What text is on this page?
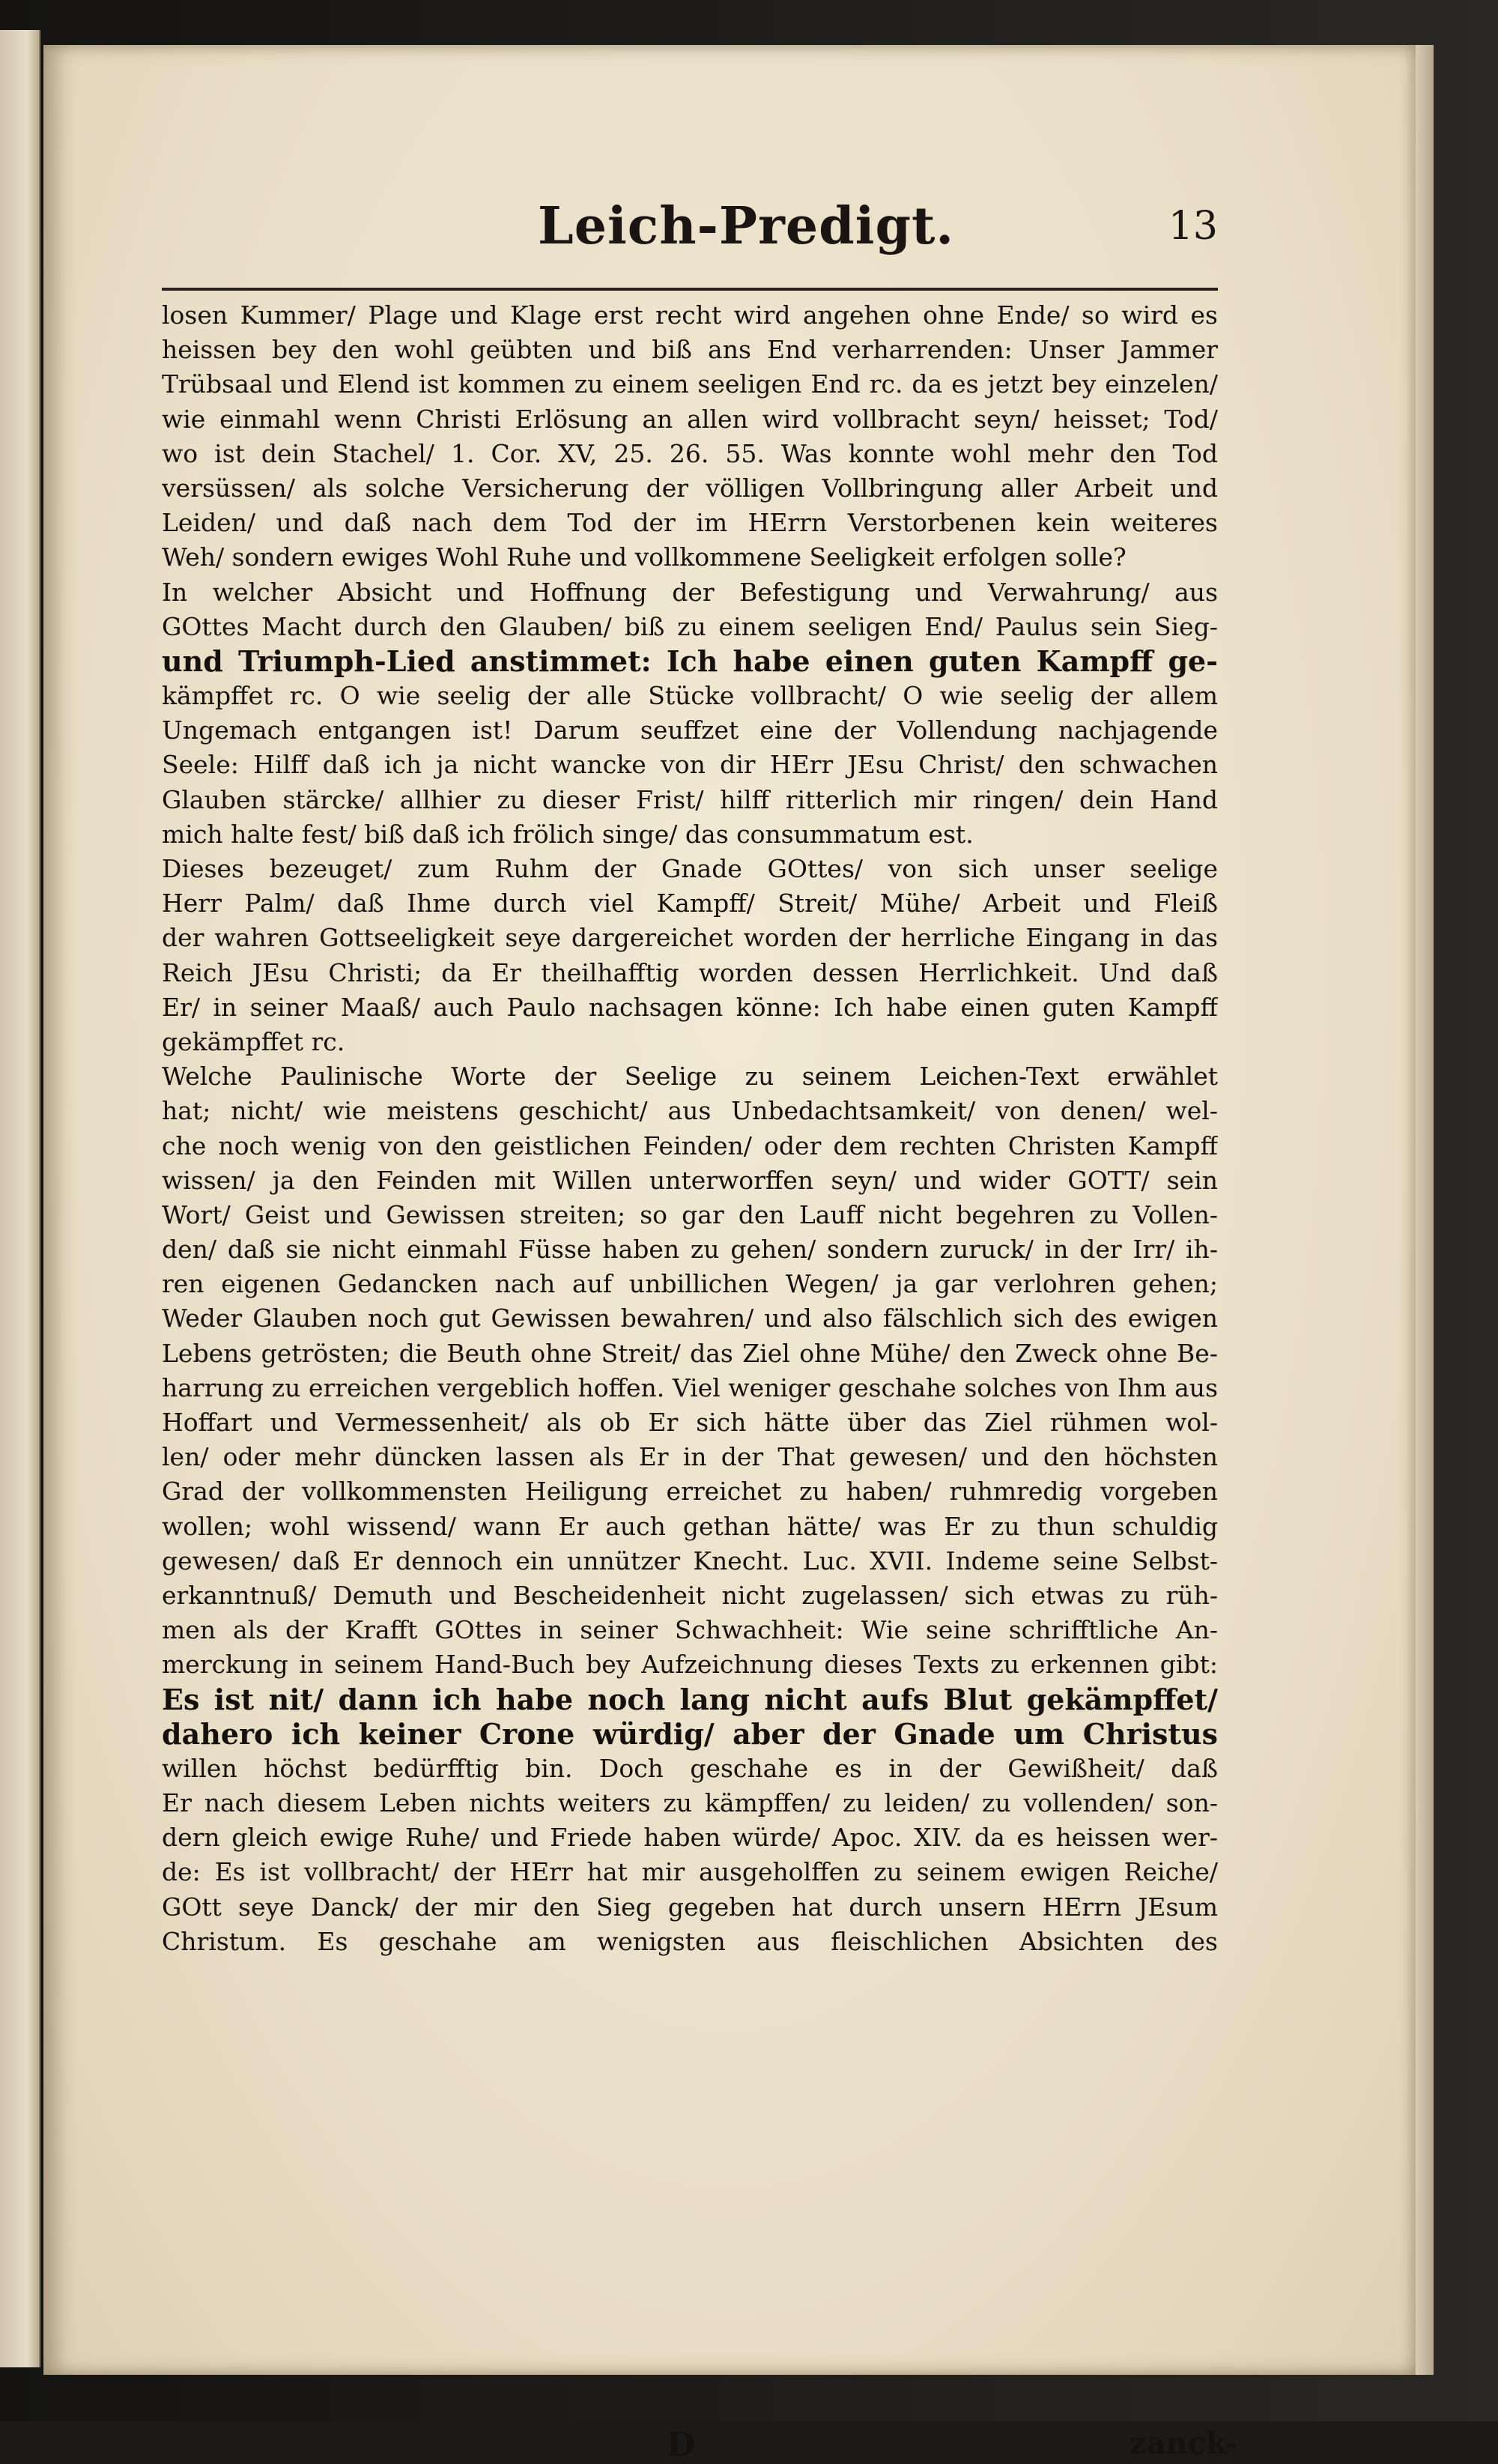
Leich-Predigt.	13
losen Kummer/ Plage und Klage erst recht wird angehen ohne Ende/ so wird es
heissen bey den wohl geübten und biß ans End verharrenden: Unser Jammer
Trübsaal und Elend ist kommen zu einem seeligen End rc. da es jetzt bey einzelen/
wie einmahl wenn Christi Erlösung an allen wird vollbracht seyn/ heisset; Tod/
wo ist dein Stachel/ 1. Cor. XV, 25. 26. 55. Was konnte wohl mehr den Tod
versüssen/ als solche Versicherung der völligen Vollbringung aller Arbeit und
Leiden/ und daß nach dem Tod der im HErrn Verstorbenen kein weiteres
Weh/ sondern ewiges Wohl Ruhe und vollkommene Seeligkeit erfolgen solle?
In welcher Absicht und Hoffnung der Befestigung und Verwahrung/ aus
GOttes Macht durch den Glauben/ biß zu einem seeligen End/ Paulus sein Sieg-
und Triumph-Lied anstimmet: Ich habe einen guten Kampff ge-
kämpffet rc. O wie seelig der alle Stücke vollbracht/ O wie seelig der allem
Ungemach entgangen ist! Darum seuffzet eine der Vollendung nachjagende
Seele: Hilff daß ich ja nicht wancke von dir HErr JEsu Christ/ den schwachen
Glauben stärcke/ allhier zu dieser Frist/ hilff ritterlich mir ringen/ dein Hand
mich halte fest/ biß daß ich frölich singe/ das consummatum est.
Dieses bezeuget/ zum Ruhm der Gnade GOttes/ von sich unser seelige
Herr Palm/ daß Ihme durch viel Kampff/ Streit/ Mühe/ Arbeit und Fleiß
der wahren Gottseeligkeit seye dargereichet worden der herrliche Eingang in das
Reich JEsu Christi; da Er theilhafftig worden dessen Herrlichkeit. Und daß
Er/ in seiner Maaß/ auch Paulo nachsagen könne: Ich habe einen guten Kampff
gekämpffet rc.
Welche Paulinische Worte der Seelige zu seinem Leichen-Text erwählet
hat; nicht/ wie meistens geschicht/ aus Unbedachtsamkeit/ von denen/ wel-
che noch wenig von den geistlichen Feinden/ oder dem rechten Christen Kampff
wissen/ ja den Feinden mit Willen unterworffen seyn/ und wider GOTT/ sein
Wort/ Geist und Gewissen streiten; so gar den Lauff nicht begehren zu Vollen-
den/ daß sie nicht einmahl Füsse haben zu gehen/ sondern zuruck/ in der Irr/ ih-
ren eigenen Gedancken nach auf unbillichen Wegen/ ja gar verlohren gehen;
Weder Glauben noch gut Gewissen bewahren/ und also fälschlich sich des ewigen
Lebens getrösten; die Beuth ohne Streit/ das Ziel ohne Mühe/ den Zweck ohne Be-
harrung zu erreichen vergeblich hoffen. Viel weniger geschahe solches von Ihm aus
Hoffart und Vermessenheit/ als ob Er sich hätte über das Ziel rühmen wol-
len/ oder mehr düncken lassen als Er in der That gewesen/ und den höchsten
Grad der vollkommensten Heiligung erreichet zu haben/ ruhmredig vorgeben
wollen; wohl wissend/ wann Er auch gethan hätte/ was Er zu thun schuldig
gewesen/ daß Er dennoch ein unnützer Knecht. Luc. XVII. Indeme seine Selbst-
erkanntnuß/ Demuth und Bescheidenheit nicht zugelassen/ sich etwas zu rüh-
men als der Krafft GOttes in seiner Schwachheit: Wie seine schrifftliche An-
merckung in seinem Hand-Buch bey Aufzeichnung dieses Texts zu erkennen gibt:
Es ist nit/ dann ich habe noch lang nicht aufs Blut gekämpffet/
dahero ich keiner Crone würdig/ aber der Gnade um Christus
willen höchst bedürfftig bin. Doch geschahe es in der Gewißheit/ daß
Er nach diesem Leben nichts weiters zu kämpffen/ zu leiden/ zu vollenden/ son-
dern gleich ewige Ruhe/ und Friede haben würde/ Apoc. XIV. da es heissen wer-
de: Es ist vollbracht/ der HErr hat mir ausgeholffen zu seinem ewigen Reiche/
GOtt seye Danck/ der mir den Sieg gegeben hat durch unsern HErrn JEsum
Christum. Es geschahe am wenigsten aus fleischlichen Absichten des
D	zanck-
